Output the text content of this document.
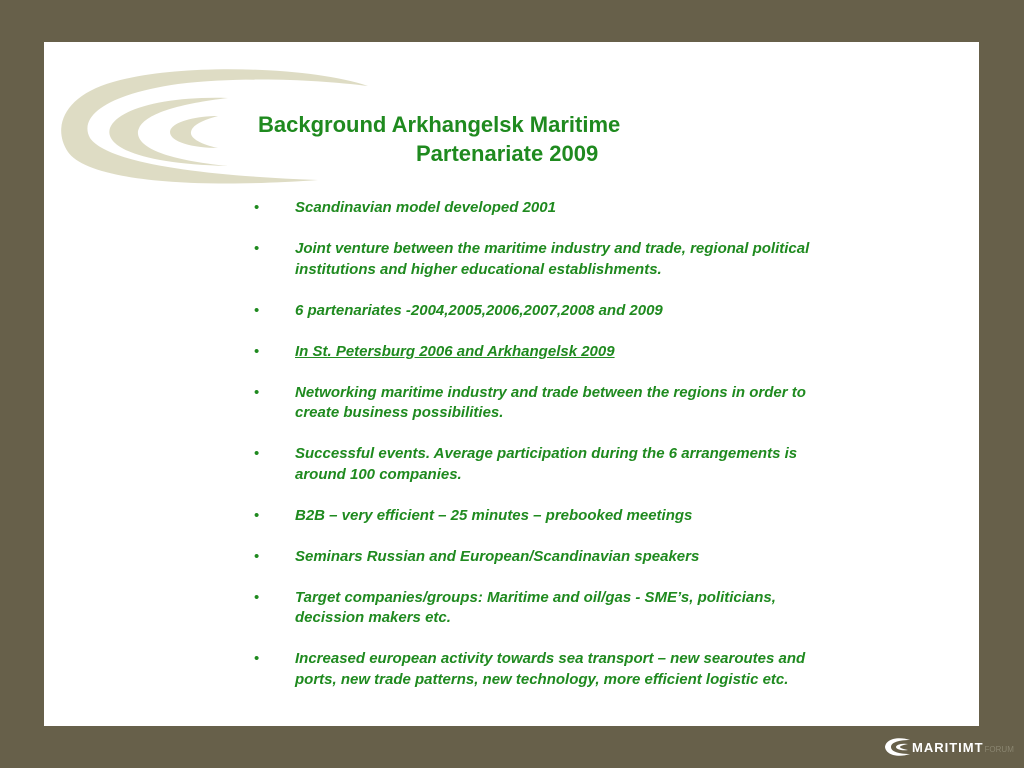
Background Arkhangelsk Maritime
Partenariate 2009
• Scandinavian model developed 2001
• Joint venture between the maritime industry and trade, regional political institutions and higher educational establishments.
• 6 partenariates -2004,2005,2006,2007,2008 and 2009
• In St. Petersburg 2006 and Arkhangelsk 2009
• Networking maritime industry and trade between the regions in order to create business possibilities.
• Successful events. Average participation during the 6 arrangements is around 100 companies.
• B2B – very efficient – 25 minutes – prebooked meetings
• Seminars Russian and European/Scandinavian speakers
• Target companies/groups: Maritime and oil/gas - SME’s, politicians, decission makers etc.
• Increased european activity towards sea transport – new searoutes and ports, new trade patterns, new technology, more efficient logistic etc.
MARITIMT FORUM
